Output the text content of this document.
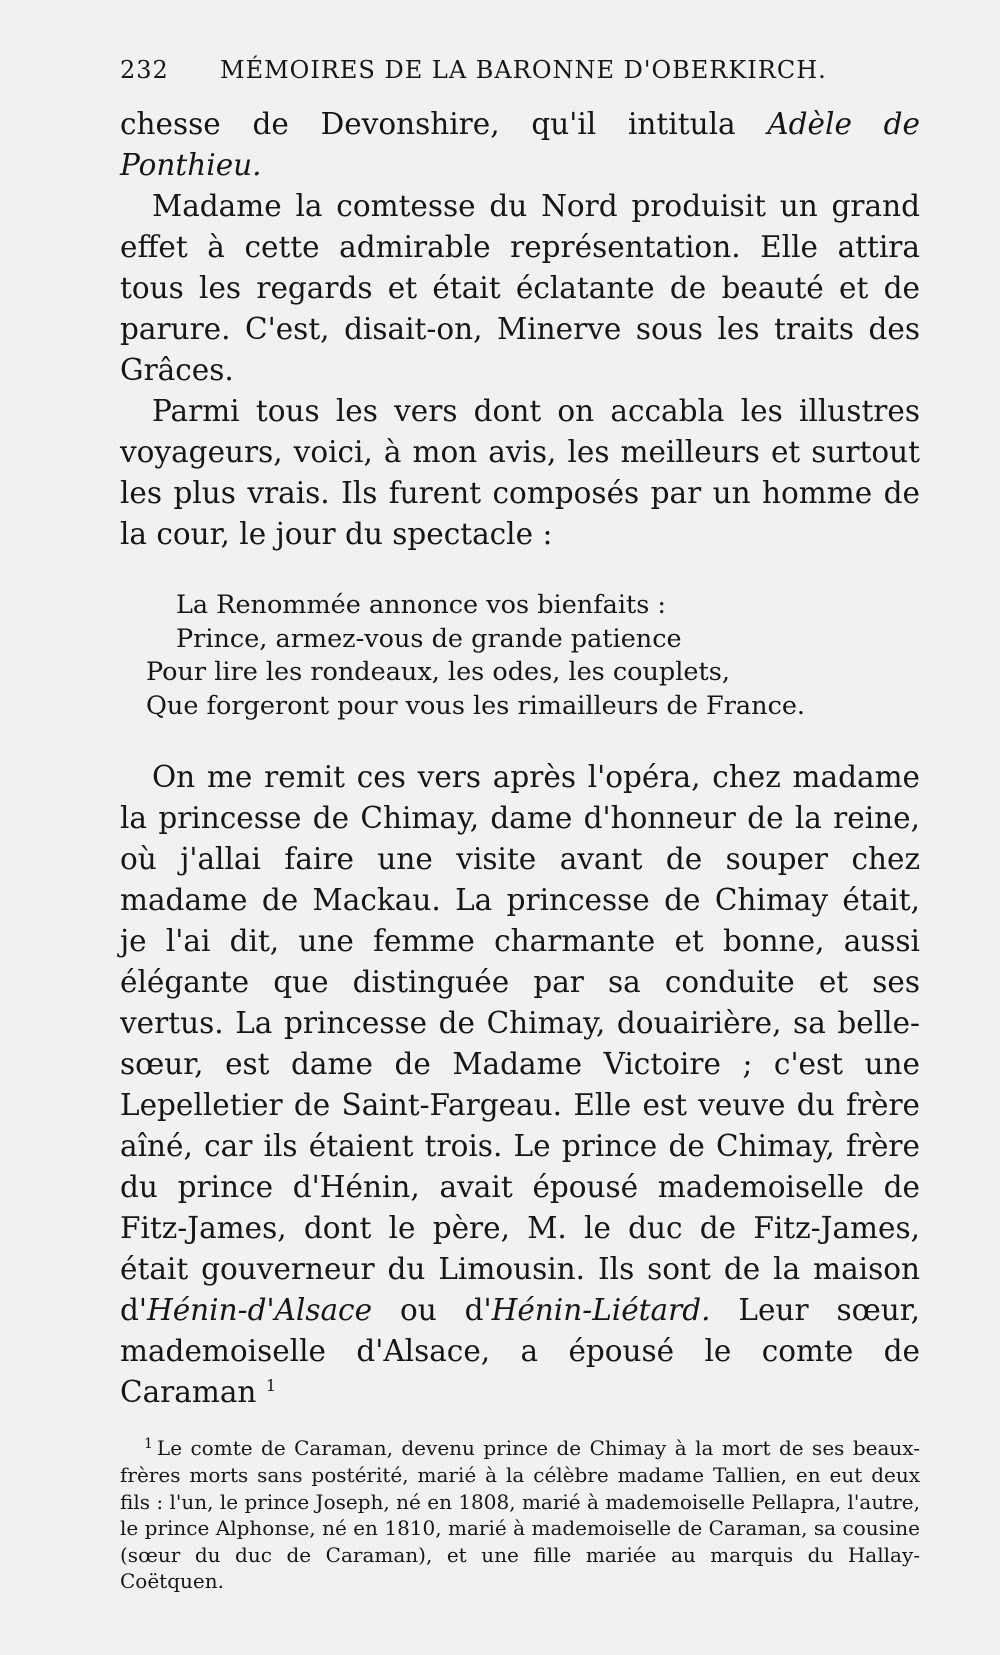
232	MÉMOIRES DE LA BARONNE D'OBERKIRCH.

chesse de Devonshire, qu'il intitula Adèle de Ponthieu.

Madame la comtesse du Nord produisit un grand effet à cette admirable représentation. Elle attira tous les regards et était éclatante de beauté et de parure. C'est, disait-on, Minerve sous les traits des Grâces.

Parmi tous les vers dont on accabla les illustres voyageurs, voici, à mon avis, les meilleurs et surtout les plus vrais. Ils furent composés par un homme de la cour, le jour du spectacle :

La Renommée annonce vos bienfaits :
Prince, armez-vous de grande patience
Pour lire les rondeaux, les odes, les couplets,
Que forgeront pour vous les rimailleurs de France.

On me remit ces vers après l'opéra, chez madame la princesse de Chimay, dame d'honneur de la reine, où j'allai faire une visite avant de souper chez madame de Mackau. La princesse de Chimay était, je l'ai dit, une femme charmante et bonne, aussi élégante que distinguée par sa conduite et ses vertus. La princesse de Chimay, douairière, sa belle-sœur, est dame de Madame Victoire ; c'est une Lepelletier de Saint-Fargeau. Elle est veuve du frère aîné, car ils étaient trois. Le prince de Chimay, frère du prince d'Hénin, avait épousé mademoiselle de Fitz-James, dont le père, M. le duc de Fitz-James, était gouverneur du Limousin. Ils sont de la maison d'Hénin-d'Alsace ou d'Hénin-Liétard. Leur sœur, mademoiselle d'Alsace, a épousé le comte de Caraman $^1$

$^1$ Le comte de Caraman, devenu prince de Chimay à la mort de ses beaux-frères morts sans postérité, marié à la célèbre madame Tallien, en eut deux fils : l'un, le prince Joseph, né en 1808, marié à mademoiselle Pellapra, l'autre, le prince Alphonse, né en 1810, marié à mademoiselle de Caraman, sa cousine (sœur du duc de Caraman), et une fille mariée au marquis du Hallay-Coëtquen.
